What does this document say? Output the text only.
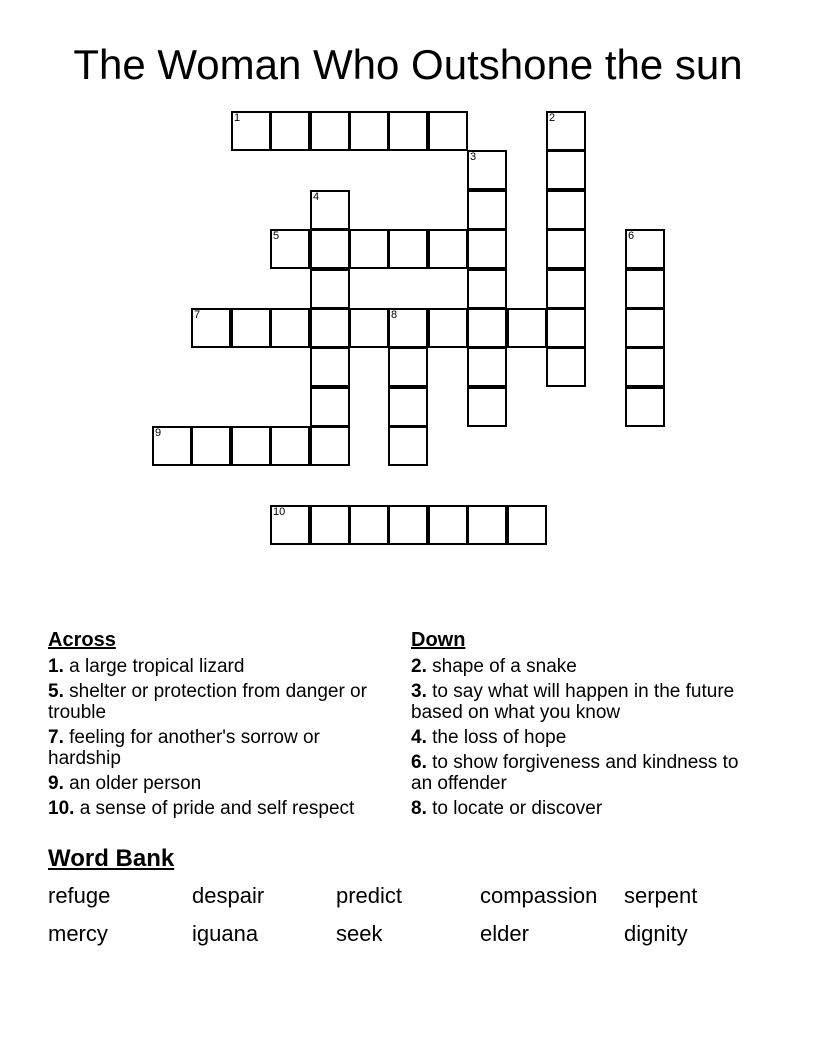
The Woman Who Outshone the sun
1	2
3
4
5	6
7	8
9
10
Across
1. a large tropical lizard
5. shelter or protection from danger or trouble
7. feeling for another's sorrow or hardship
9. an older person
10. a sense of pride and self respect
Down
2. shape of a snake
3. to say what will happen in the future based on what you know
4. the loss of hope
6. to show forgiveness and kindness to an offender
8. to locate or discover
Word Bank
refuge	despair	predict	compassion	serpent
mercy	iguana	seek	elder	dignity
